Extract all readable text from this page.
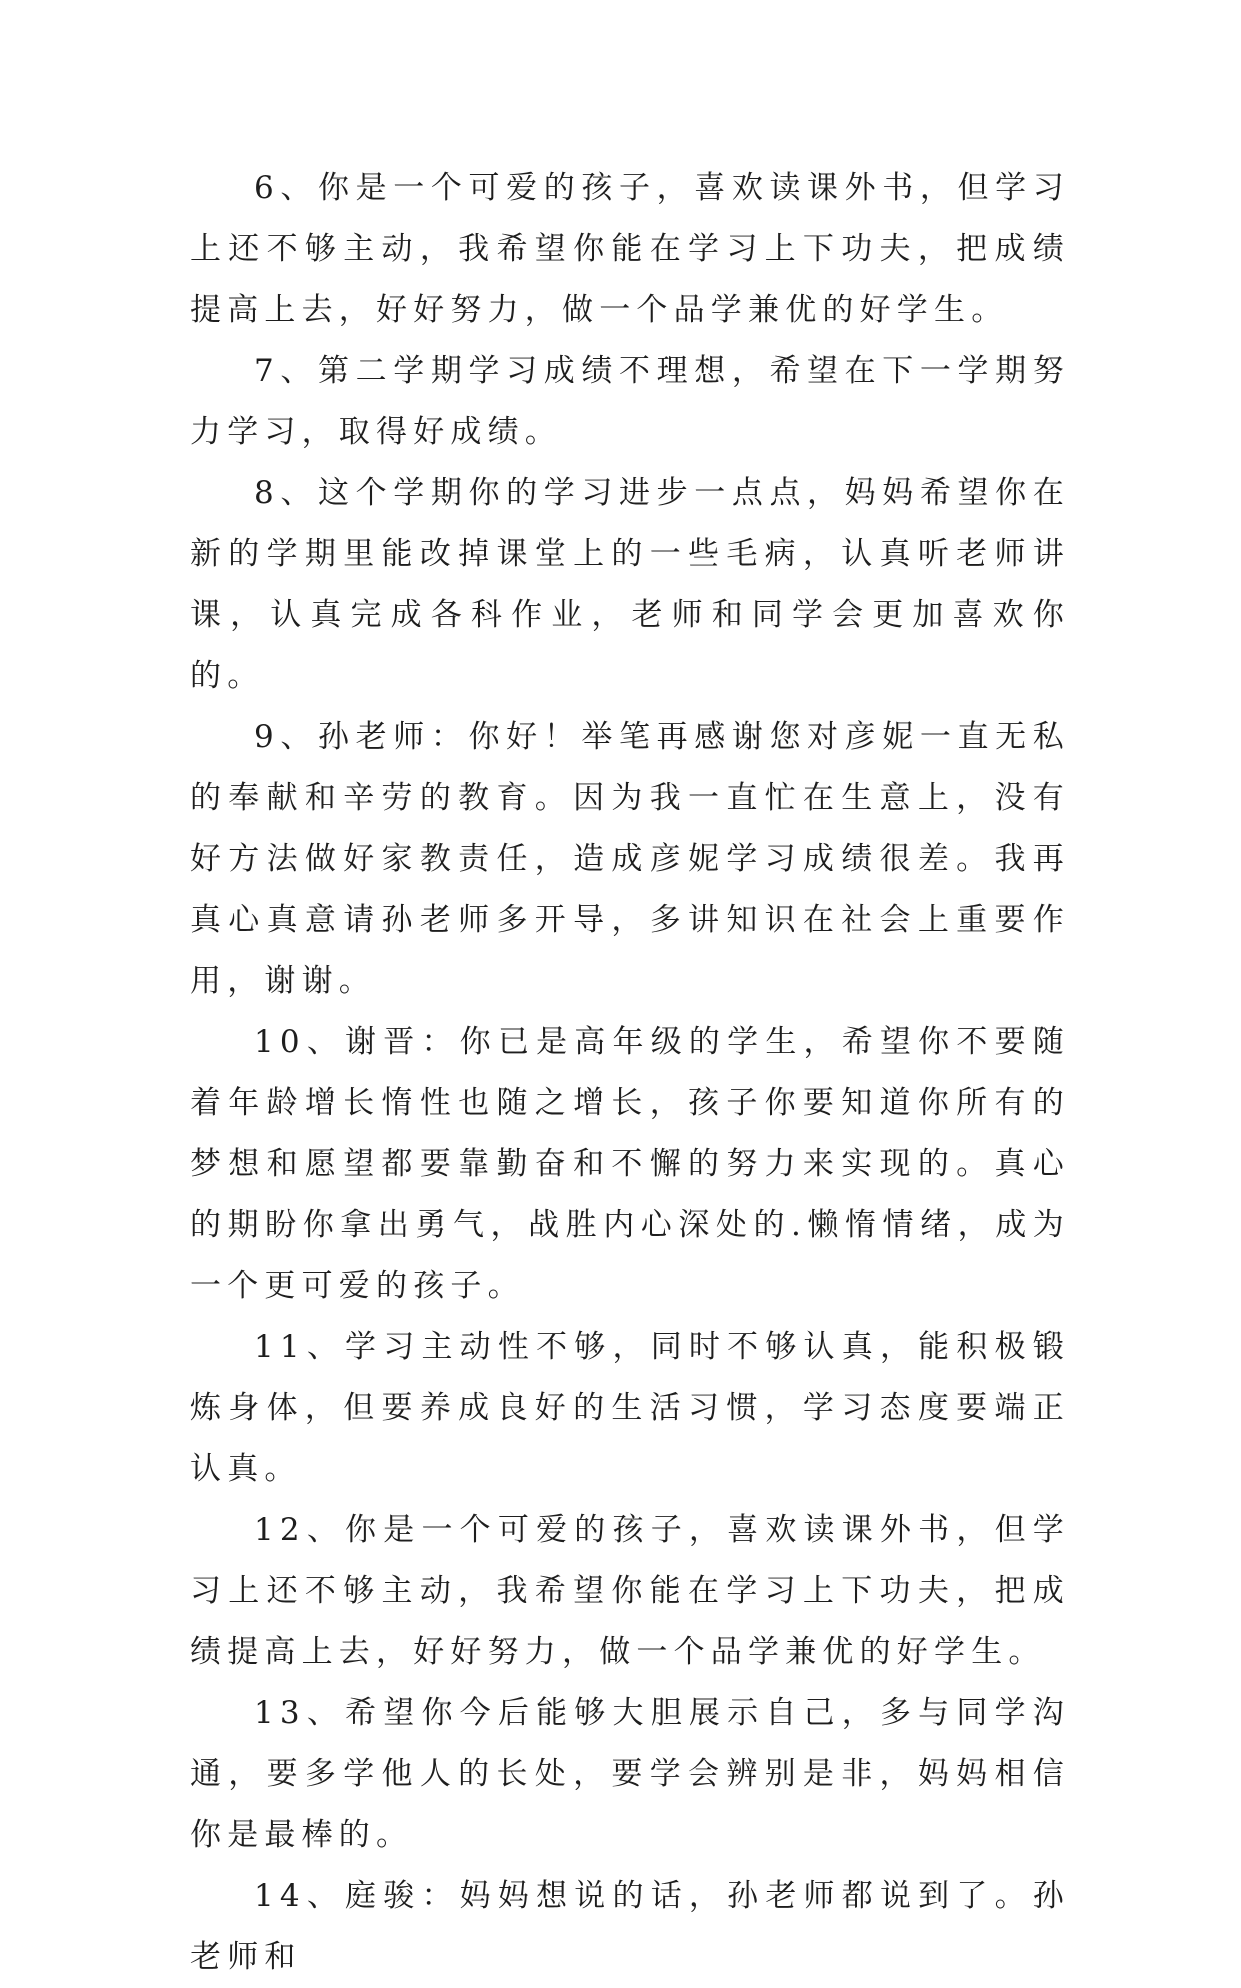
6、你是一个可爱的孩子，喜欢读课外书，但学习上还不够主动，我希望你能在学习上下功夫，把成绩提高上去，好好努力，做一个品学兼优的好学生。

7、第二学期学习成绩不理想，希望在下一学期努力学习，取得好成绩。

8、这个学期你的学习进步一点点，妈妈希望你在新的学期里能改掉课堂上的一些毛病，认真听老师讲课，认真完成各科作业，老师和同学会更加喜欢你的。

9、孙老师：你好！举笔再感谢您对彦妮一直无私的奉献和辛劳的教育。因为我一直忙在生意上，没有好方法做好家教责任，造成彦妮学习成绩很差。我再真心真意请孙老师多开导，多讲知识在社会上重要作用，谢谢。

10、谢晋：你已是高年级的学生，希望你不要随着年龄增长惰性也随之增长，孩子你要知道你所有的梦想和愿望都要靠勤奋和不懈的努力来实现的。真心的期盼你拿出勇气，战胜内心深处的.懒惰情绪，成为一个更可爱的孩子。

11、学习主动性不够，同时不够认真，能积极锻炼身体，但要养成良好的生活习惯，学习态度要端正认真。

12、你是一个可爱的孩子，喜欢读课外书，但学习上还不够主动，我希望你能在学习上下功夫，把成绩提高上去，好好努力，做一个品学兼优的好学生。

13、希望你今后能够大胆展示自己，多与同学沟通，要多学他人的长处，要学会辨别是非，妈妈相信你是最棒的。

14、庭骏：妈妈想说的话，孙老师都说到了。孙老师和
